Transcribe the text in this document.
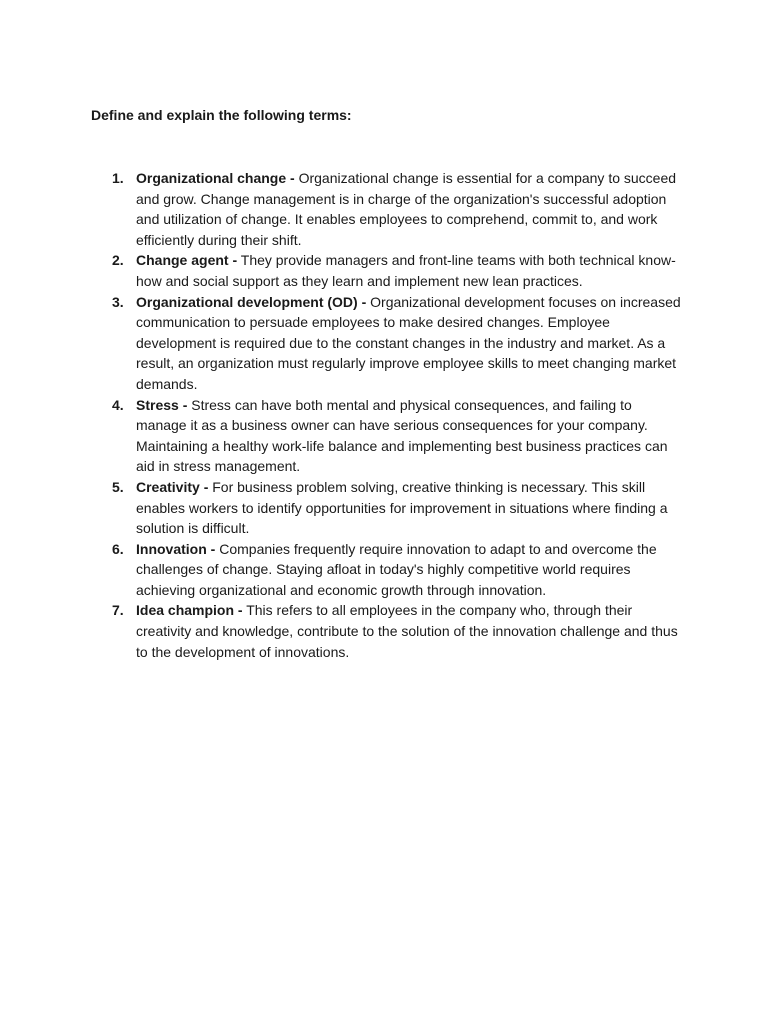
Define and explain the following terms:
1. Organizational change - Organizational change is essential for a company to succeed and grow. Change management is in charge of the organization's successful adoption and utilization of change. It enables employees to comprehend, commit to, and work efficiently during their shift.
2. Change agent - They provide managers and front-line teams with both technical know-how and social support as they learn and implement new lean practices.
3. Organizational development (OD) - Organizational development focuses on increased communication to persuade employees to make desired changes. Employee development is required due to the constant changes in the industry and market. As a result, an organization must regularly improve employee skills to meet changing market demands.
4. Stress - Stress can have both mental and physical consequences, and failing to manage it as a business owner can have serious consequences for your company. Maintaining a healthy work-life balance and implementing best business practices can aid in stress management.
5. Creativity - For business problem solving, creative thinking is necessary. This skill enables workers to identify opportunities for improvement in situations where finding a solution is difficult.
6. Innovation - Companies frequently require innovation to adapt to and overcome the challenges of change. Staying afloat in today's highly competitive world requires achieving organizational and economic growth through innovation.
7. Idea champion - This refers to all employees in the company who, through their creativity and knowledge, contribute to the solution of the innovation challenge and thus to the development of innovations.
